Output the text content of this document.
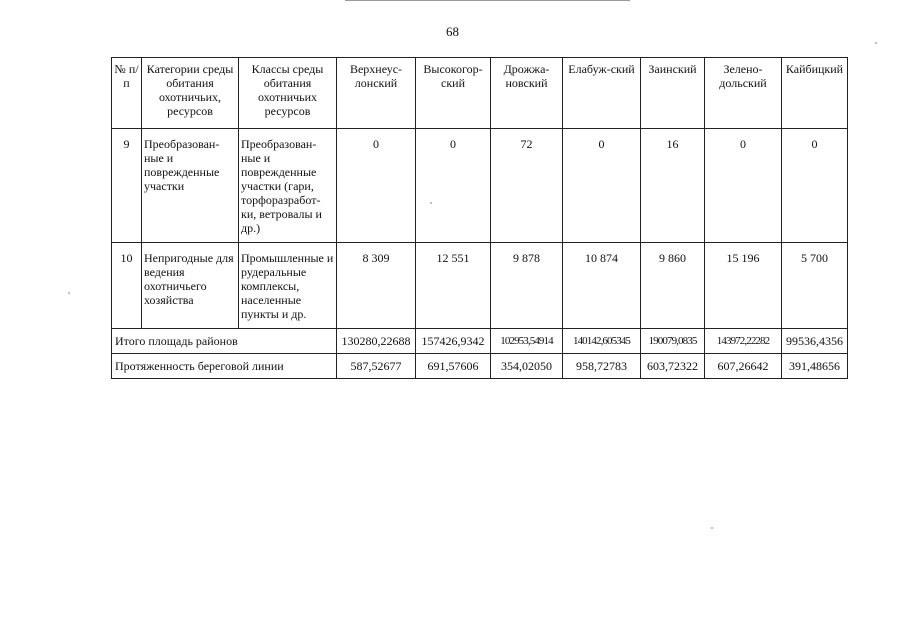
68
№ п/п	Категории среды обитания охотничьих, ресурсов	Классы среды обитания охотничьих ресурсов	Верхнеус-лонский	Высокогор-ский	Дрожжа-новский	Елабуж-ский	Заинский	Зелено-дольский	Кайбицкий
9	Преобразован-ные и поврежденные участки	Преобразован-ные и поврежденные участки (гари, торфоразработ-ки, ветровалы и др.)	0	0	72	0	16	0	0
10	Непригодные для ведения охотничьего хозяйства	Промышленные и рудеральные комплексы, населенные пункты и др.	8 309	12 551	9 878	10 874	9 860	15 196	5 700
Итого площадь районов			130280,22688	157426,9342	102953,54914	140142,605345	190079,0835	143972,22282	99536,4356
Протяженность береговой линии			587,52677	691,57606	354,02050	958,72783	603,72322	607,26642	391,48656
